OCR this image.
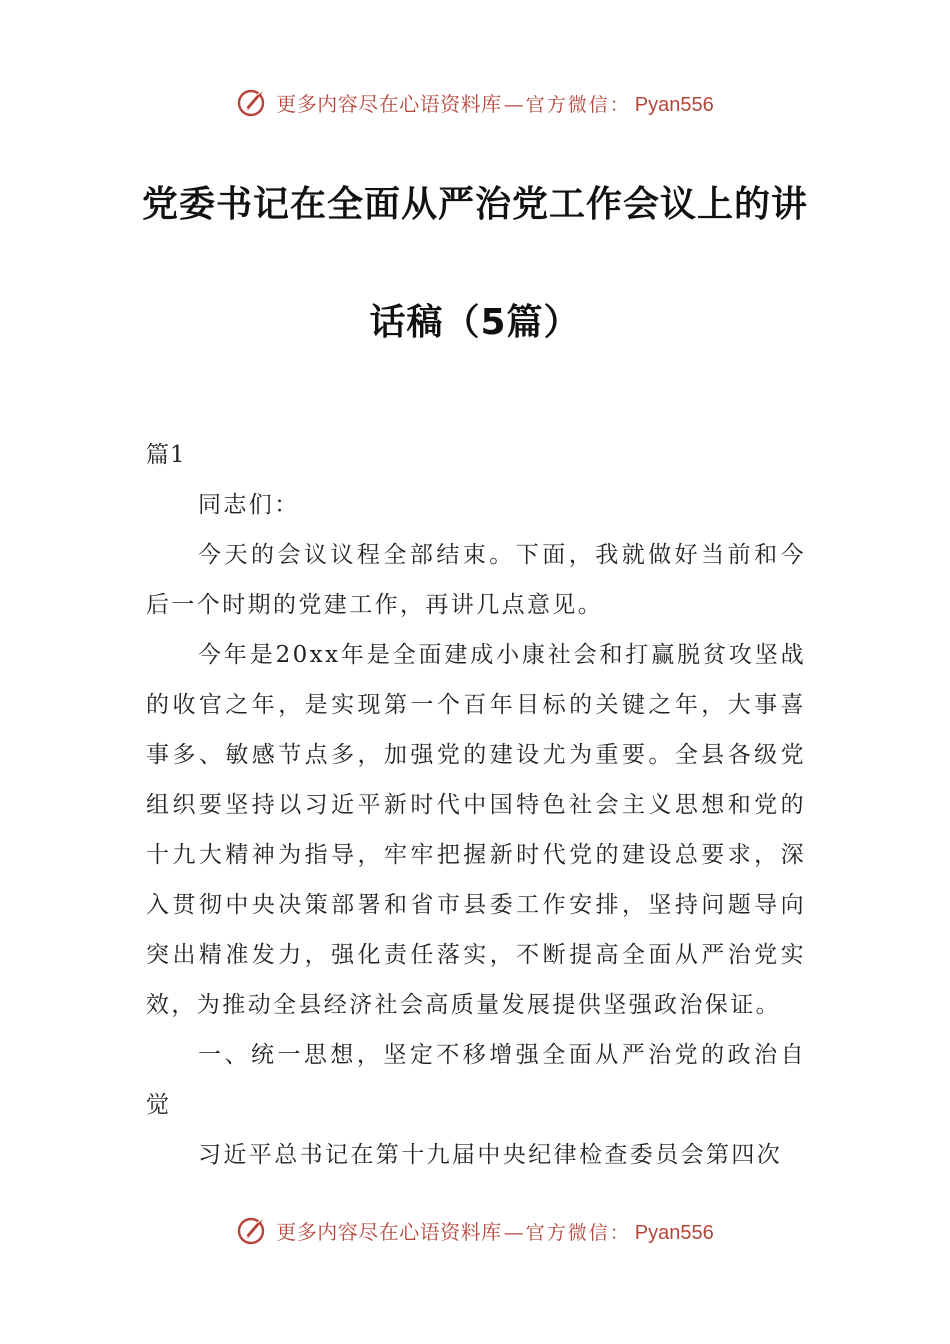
更多内容尽在心语资料库 — 官方微信： Pyan556
党委书记在全面从严治党工作会议上的讲
话稿（5篇）

篇1

同志们：

今天的会议议程全部结束。下面，我就做好当前和今后一个时期的党建工作，再讲几点意见。

今年是20xx年是全面建成小康社会和打赢脱贫攻坚战的收官之年，是实现第一个百年目标的关键之年，大事喜事多、敏感节点多，加强党的建设尤为重要。全县各级党组织要坚持以习近平新时代中国特色社会主义思想和党的十九大精神为指导，牢牢把握新时代党的建设总要求，深入贯彻中央决策部署和省市县委工作安排，坚持问题导向突出精准发力，强化责任落实，不断提高全面从严治党实效，为推动全县经济社会高质量发展提供坚强政治保证。

一、统一思想，坚定不移增强全面从严治党的政治自觉

习近平总书记在第十九届中央纪律检查委员会第四次

更多内容尽在心语资料库 — 官方微信： Pyan556
